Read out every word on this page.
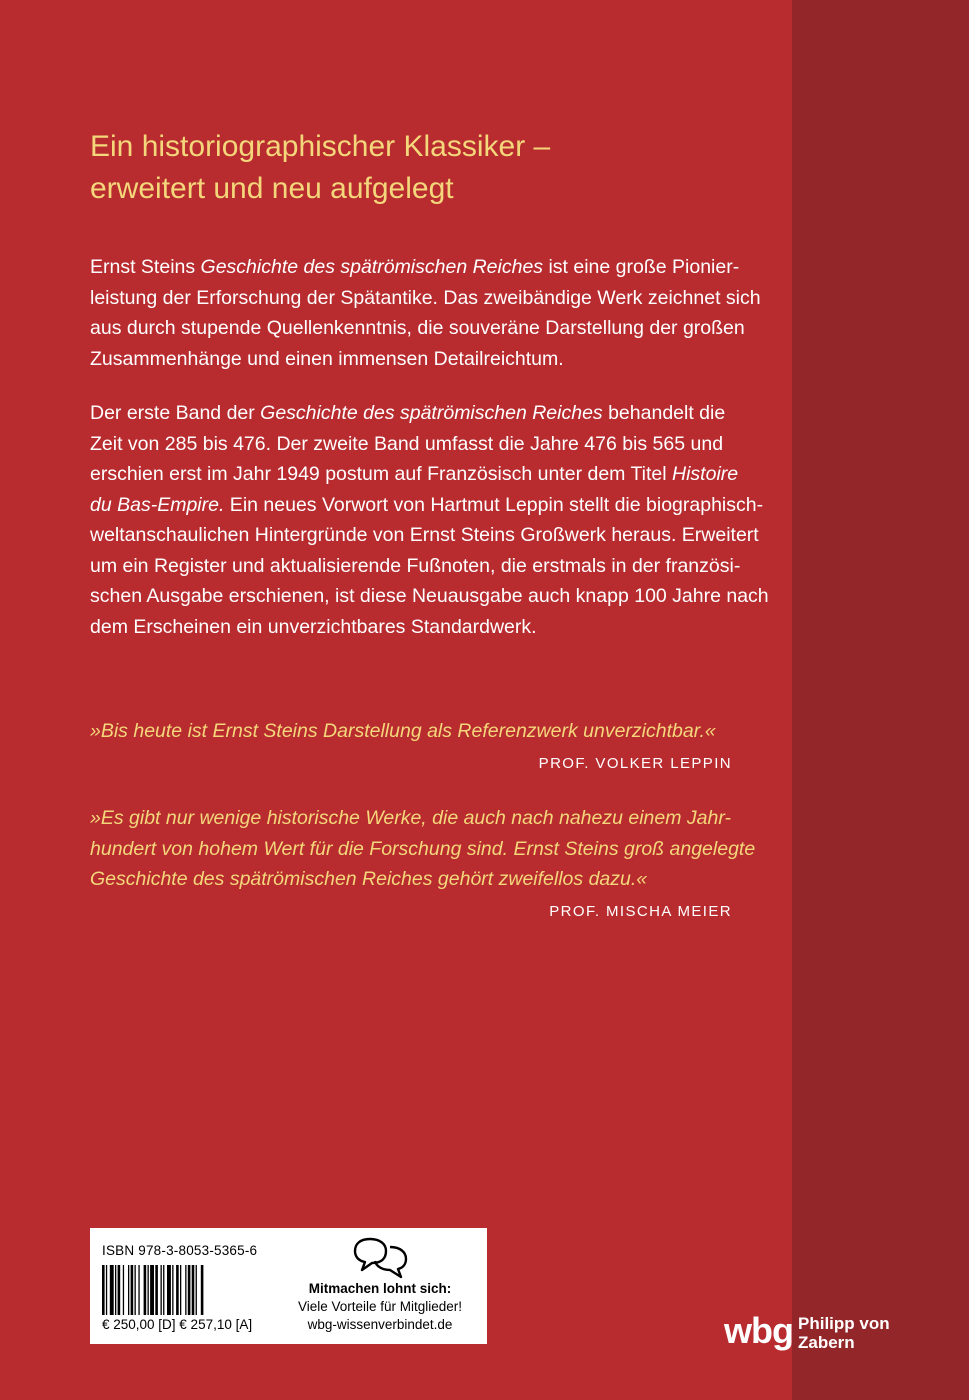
Ein historiographischer Klassiker –
erweitert und neu aufgelegt
Ernst Steins Geschichte des spätrömischen Reiches ist eine große Pionier-
leistung der Erforschung der Spätantike. Das zweibändige Werk zeichnet sich
aus durch stupende Quellenkenntnis, die souveräne Darstellung der großen
Zusammenhänge und einen immensen Detailreichtum.
Der erste Band der Geschichte des spätrömischen Reiches behandelt die
Zeit von 285 bis 476. Der zweite Band umfasst die Jahre 476 bis 565 und
erschien erst im Jahr 1949 postum auf Französisch unter dem Titel Histoire
du Bas-Empire. Ein neues Vorwort von Hartmut Leppin stellt die biographisch-
weltanschaulichen Hintergründe von Ernst Steins Großwerk heraus. Erweitert
um ein Register und aktualisierende Fußnoten, die erstmals in der französi-
schen Ausgabe erschienen, ist diese Neuausgabe auch knapp 100 Jahre nach
dem Erscheinen ein unverzichtbares Standardwerk.
»Bis heute ist Ernst Steins Darstellung als Referenzwerk unverzichtbar.«
PROF. VOLKER LEPPIN
»Es gibt nur wenige historische Werke, die auch nach nahezu einem Jahr-
hundert von hohem Wert für die Forschung sind. Ernst Steins groß angelegte
Geschichte des spätrömischen Reiches gehört zweifellos dazu.«
PROF. MISCHA MEIER
ISBN 978-3-8053-5365-6
€ 250,00 [D] € 257,10 [A]
Mitmachen lohnt sich:
Viele Vorteile für Mitglieder!
wbg-wissenverbindet.de	wbg Philipp von
Zabern
